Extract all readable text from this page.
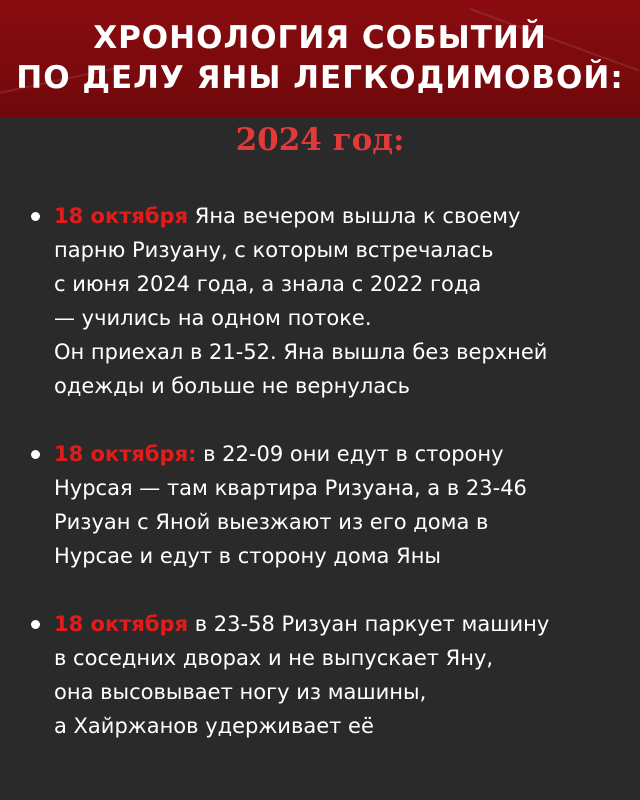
ХРОНОЛОГИЯ СОБЫТИЙ
ПО ДЕЛУ ЯНЫ ЛЕГКОДИМОВОЙ:
2024 год:
18 октября Яна вечером вышла к своему
парню Ризуану, с которым встречалась
с июня 2024 года, а знала с 2022 года
— учились на одном потоке.
Он приехал в 21-52. Яна вышла без верхней
одежды и больше не вернулась
18 октября: в 22-09 они едут в сторону
Нурсая — там квартира Ризуана, а в 23-46
Ризуан с Яной выезжают из его дома в
Нурсае и едут в сторону дома Яны
18 октября в 23-58 Ризуан паркует машину
в соседних дворах и не выпускает Яну,
она высовывает ногу из машины,
а Хайржанов удерживает её
